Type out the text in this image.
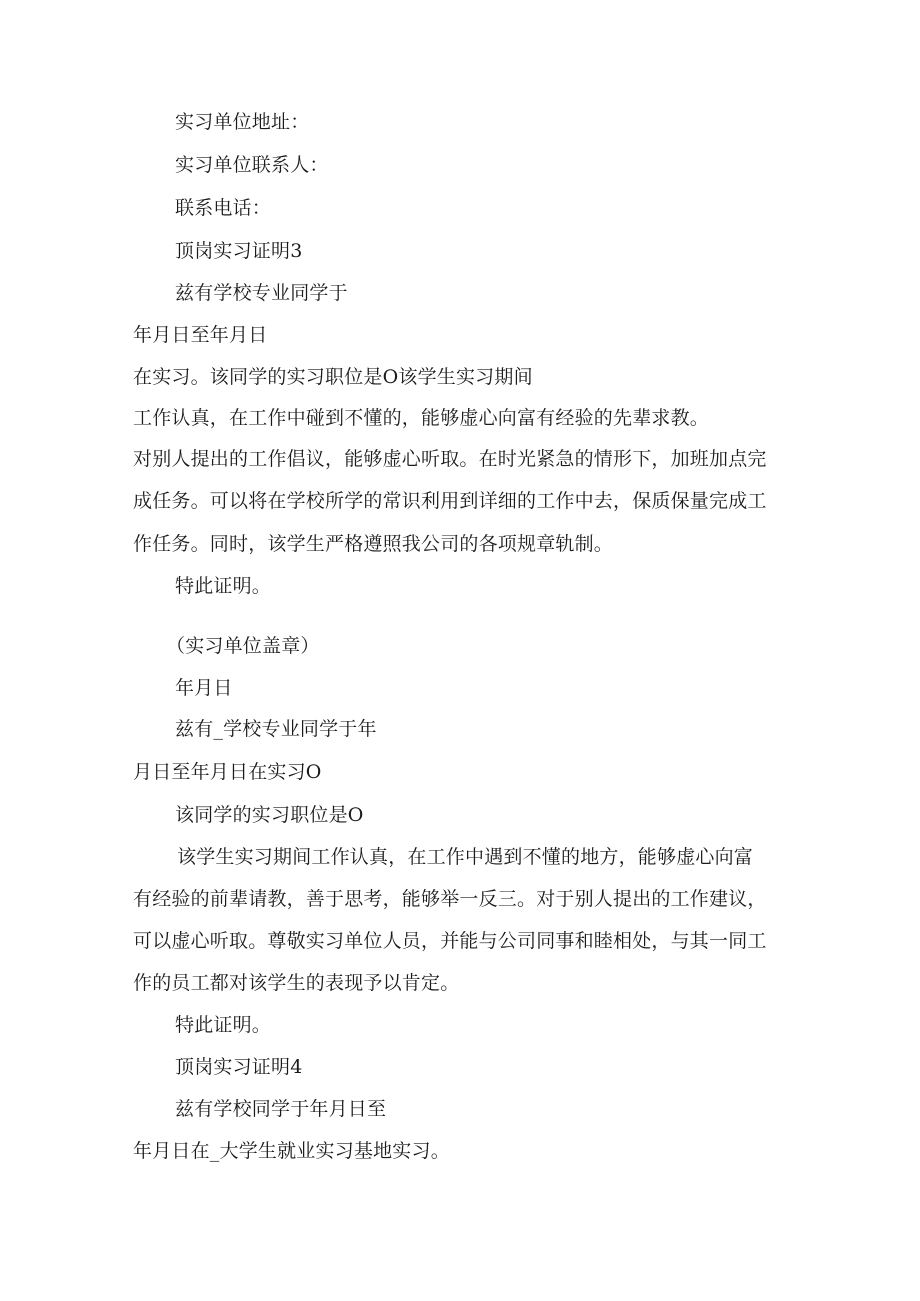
实习单位地址：
实习单位联系人：
联系电话：
顶岗实习证明3
兹有学校专业同学于
年月日至年月日
在实习。该同学的实习职位是O该学生实习期间
工作认真，在工作中碰到不懂的，能够虚心向富有经验的先辈求教。
对别人提出的工作倡议，能够虚心听取。在时光紧急的情形下，加班加点完
成任务。可以将在学校所学的常识利用到详细的工作中去，保质保量完成工
作任务。同时，该学生严格遵照我公司的各项规章轨制。
特此证明。
（实习单位盖章）
年月日
兹有_学校专业同学于年
月日至年月日在实习O
该同学的实习职位是O
该学生实习期间工作认真，在工作中遇到不懂的地方，能够虚心向富
有经验的前辈请教，善于思考，能够举一反三。对于别人提出的工作建议，
可以虚心听取。尊敬实习单位人员，并能与公司同事和睦相处，与其一同工
作的员工都对该学生的表现予以肯定。
特此证明。
顶岗实习证明4
兹有学校同学于年月日至
年月日在_大学生就业实习基地实习。
